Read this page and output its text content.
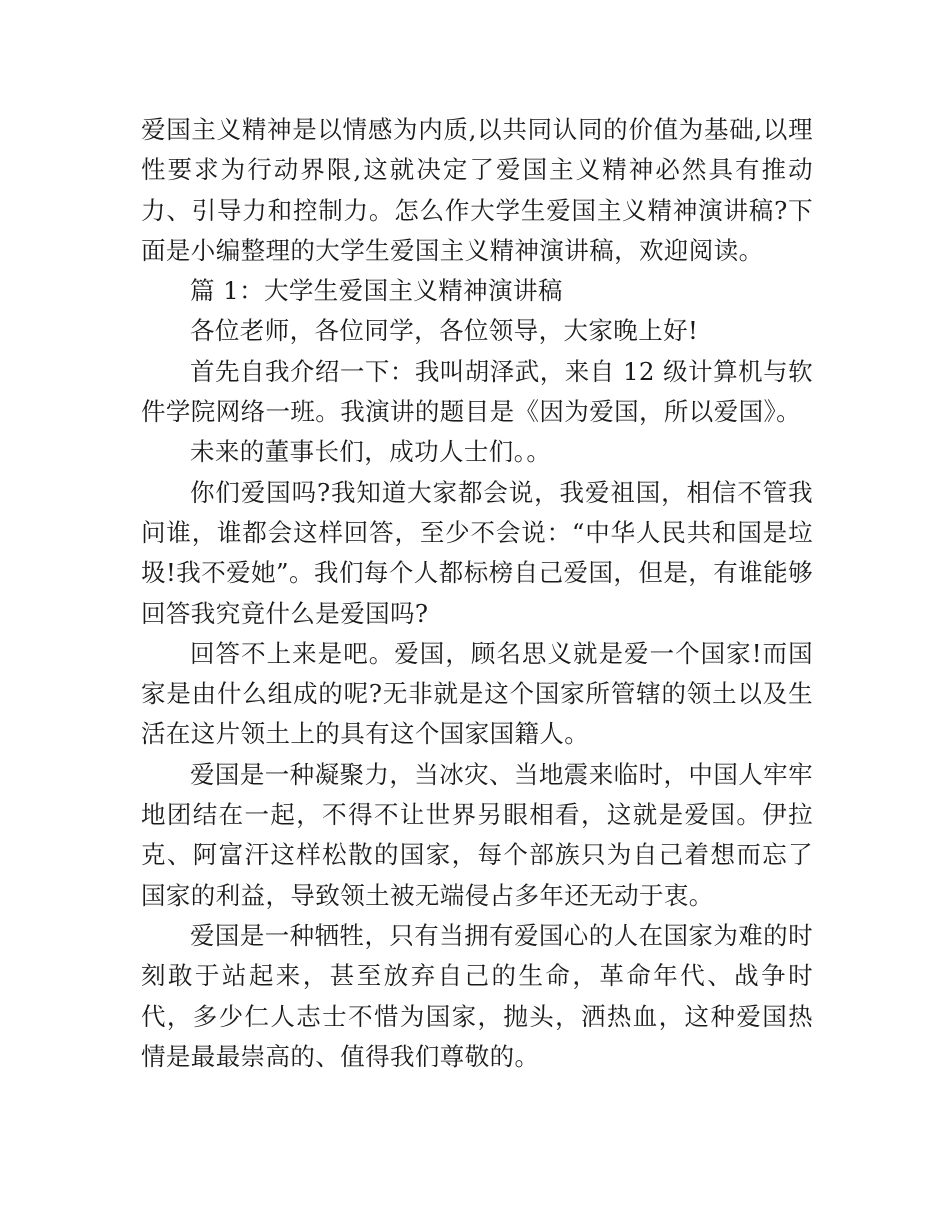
爱国主义精神是以情感为内质,以共同认同的价值为基础,以理性要求为行动界限,这就决定了爱国主义精神必然具有推动力、引导力和控制力。怎么作大学生爱国主义精神演讲稿?下面是小编整理的大学生爱国主义精神演讲稿，欢迎阅读。

篇 1：大学生爱国主义精神演讲稿

各位老师，各位同学，各位领导，大家晚上好!

首先自我介绍一下：我叫胡泽武，来自 12 级计算机与软件学院网络一班。我演讲的题目是《因为爱国，所以爱国》。

未来的董事长们，成功人士们。。

你们爱国吗?我知道大家都会说，我爱祖国，相信不管我问谁，谁都会这样回答，至少不会说：“中华人民共和国是垃圾!我不爱她”。我们每个人都标榜自己爱国，但是，有谁能够回答我究竟什么是爱国吗?

回答不上来是吧。爱国，顾名思义就是爱一个国家!而国家是由什么组成的呢?无非就是这个国家所管辖的领土以及生活在这片领土上的具有这个国家国籍人。

爱国是一种凝聚力，当冰灾、当地震来临时，中国人牢牢地团结在一起，不得不让世界另眼相看，这就是爱国。伊拉克、阿富汗这样松散的国家，每个部族只为自己着想而忘了国家的利益，导致领土被无端侵占多年还无动于衷。

爱国是一种牺牲，只有当拥有爱国心的人在国家为难的时刻敢于站起来，甚至放弃自己的生命，革命年代、战争时代，多少仁人志士不惜为国家，抛头，洒热血，这种爱国热情是最最崇高的、值得我们尊敬的。
